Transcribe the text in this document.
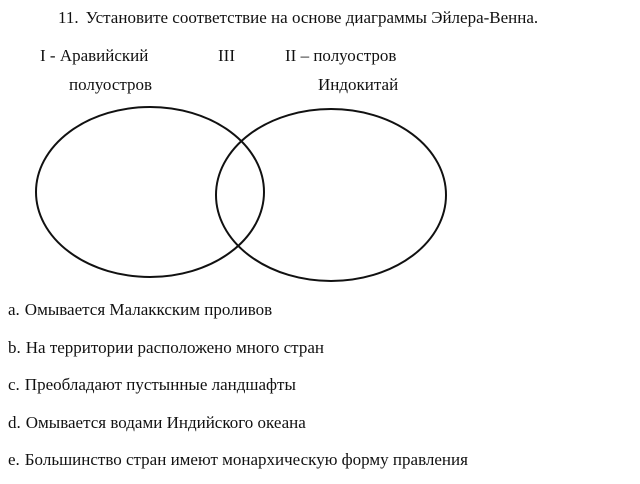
11. Установите соответствие на основе диаграммы Эйлера-Венна.
I - Аравийский
полуостров
III	II – полуостров
Индокитай
a. Омывается Малаккским проливов
b. На территории расположено много стран
c. Преобладают пустынные ландшафты
d. Омывается водами Индийского океана
e. Большинство стран имеют монархическую форму правления
